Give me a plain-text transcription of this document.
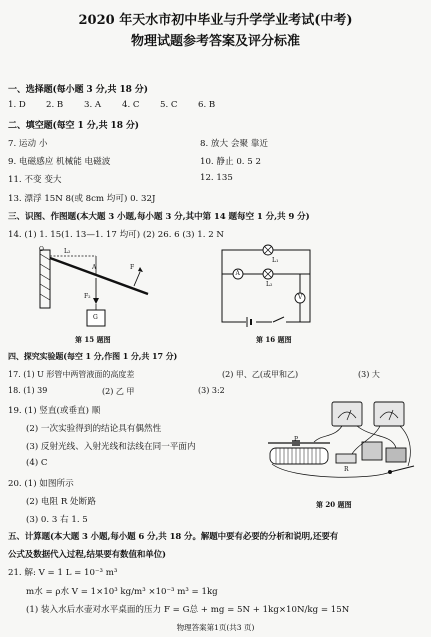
2020 年天水市初中毕业与升学学业考试(中考)
物理试题参考答案及评分标准
一、选择题(每小题 3 分,共 18 分)
1. D 2. B 3. A 4. C 5. C 6. B
二、填空题(每空 1 分,共 18 分)
7. 运动 小	8. 放大 会聚 靠近
9. 电磁感应 机械能 电磁波	10. 静止 0. 5 2
11. 不变 变大	12. 135
13. 漂浮 15N 8(或 8cm 均可) 0. 32J
三、识图、作图题(本大题 3 小题,每小题 3 分,其中第 14 题每空 1 分,共 9 分)
14. (1) 1. 15(1. 13—1. 17 均可) (2) 26. 6 (3) 1. 2 N
O	L₂
A	F
F₂
G
第 15 题图
A
V
L₁
L₂
第 16 题图
四、探究实验题(每空 1 分,作图 1 分,共 17 分)
17. (1) U 形管中两管液面的高度差	(2) 甲、乙(或甲和乙)	(3) 大
18. (1) 39	(2) 乙 甲	(3) 3:2
19. (1) 竖直(或垂直) 顺
(2) 一次实验得到的结论具有偶然性
(3) 反射光线、入射光线和法线在同一平面内
(4) C
20. (1) 如图所示
(2) 电阻 R 处断路
(3) 0. 3 右 1. 5
P
R
第 20 题图
五、计算题(本大题 3 小题,每小题 6 分,共 18 分。解题中要有必要的分析和说明,还要有
公式及数据代入过程,结果要有数值和单位)
21. 解: V = 1 L = 10⁻³ m³
m水 = ρ水 V = 1×10³ kg/m³ ×10⁻³ m³ = 1kg
(1) 装入水后水壶对水平桌面的压力 F = G总 + mg = 5N + 1kg×10N/kg = 15N
物理答案第1页(共3 页)
